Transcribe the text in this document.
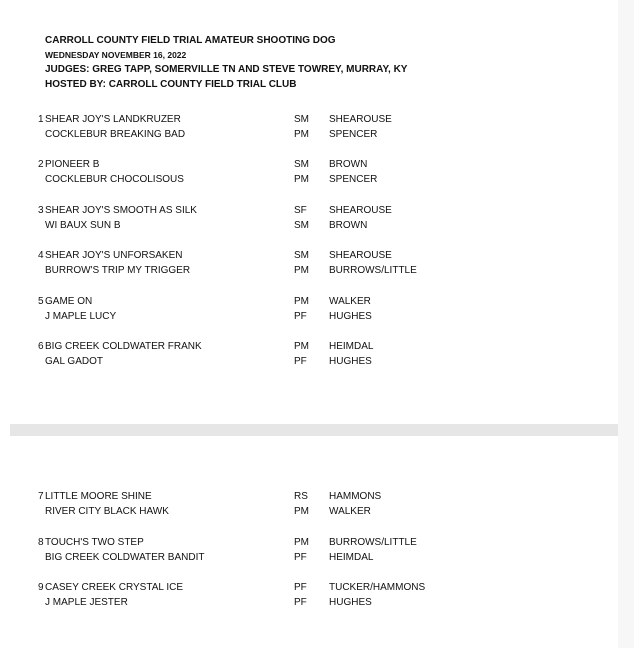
CARROLL COUNTY FIELD TRIAL AMATEUR SHOOTING DOG
WEDNESDAY NOVEMBER 16, 2022
JUDGES: GREG TAPP, SOMERVILLE TN AND STEVE TOWREY, MURRAY, KY
HOSTED BY: CARROLL COUNTY FIELD TRIAL CLUB
1 SHEAR JOY'S LANDKRUZER	SM SHEAROUSE
COCKLEBUR BREAKING BAD	PM SPENCER
2 PIONEER B	SM BROWN
COCKLEBUR CHOCOLISOUS	PM SPENCER
3 SHEAR JOY'S SMOOTH AS SILK	SF SHEAROUSE
WI BAUX SUN B	SM BROWN
4 SHEAR JOY'S UNFORSAKEN	SM SHEAROUSE
BURROW'S TRIP MY TRIGGER	PM BURROWS/LITTLE
5 GAME ON	PM WALKER
J MAPLE LUCY	PF HUGHES
6 BIG CREEK COLDWATER FRANK	PM HEIMDAL
GAL GADOT	PF HUGHES
7 LITTLE MOORE SHINE	RS HAMMONS
RIVER CITY BLACK HAWK	PM WALKER
8 TOUCH'S TWO STEP	PM BURROWS/LITTLE
BIG CREEK COLDWATER BANDIT	PF HEIMDAL
9 CASEY CREEK CRYSTAL ICE	PF TUCKER/HAMMONS
J MAPLE JESTER	PF HUGHES
